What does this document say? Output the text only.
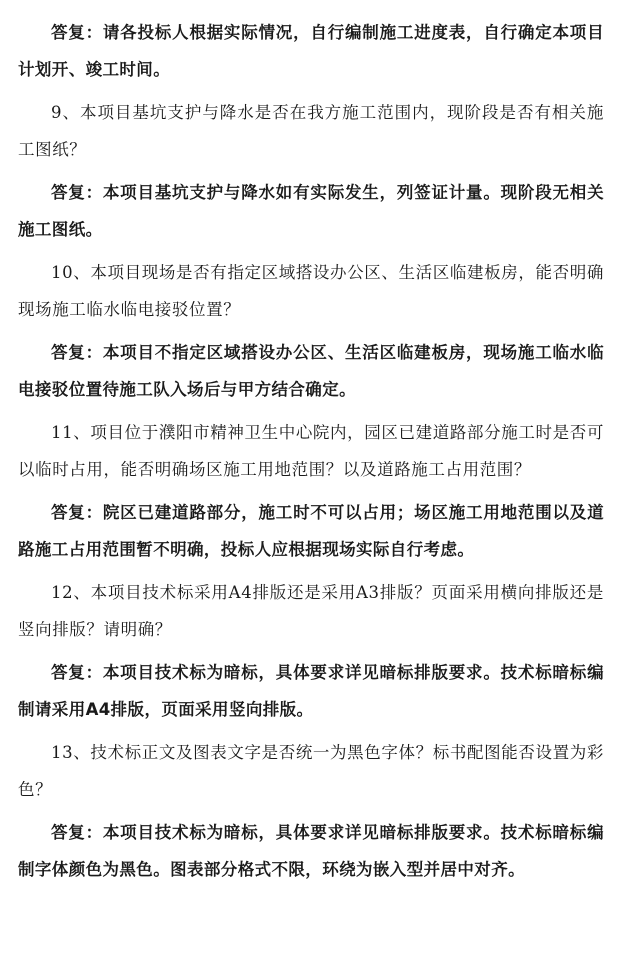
答复：请各投标人根据实际情况，自行编制施工进度表，自行确定本项目计划开、竣工时间。

9、本项目基坑支护与降水是否在我方施工范围内，现阶段是否有相关施工图纸？

答复：本项目基坑支护与降水如有实际发生，列签证计量。现阶段无相关施工图纸。

10、本项目现场是否有指定区域搭设办公区、生活区临建板房，能否明确现场施工临水临电接驳位置？

答复：本项目不指定区域搭设办公区、生活区临建板房，现场施工临水临电接驳位置待施工队入场后与甲方结合确定。

11、项目位于濮阳市精神卫生中心院内，园区已建道路部分施工时是否可以临时占用，能否明确场区施工用地范围？以及道路施工占用范围？

答复：院区已建道路部分，施工时不可以占用；场区施工用地范围以及道路施工占用范围暂不明确，投标人应根据现场实际自行考虑。

12、本项目技术标采用A4排版还是采用A3排版？页面采用横向排版还是竖向排版？请明确？

答复：本项目技术标为暗标，具体要求详见暗标排版要求。技术标暗标编制请采用A4排版，页面采用竖向排版。

13、技术标正文及图表文字是否统一为黑色字体？标书配图能否设置为彩色？

答复：本项目技术标为暗标，具体要求详见暗标排版要求。技术标暗标编制字体颜色为黑色。图表部分格式不限，环绕为嵌入型并居中对齐。
